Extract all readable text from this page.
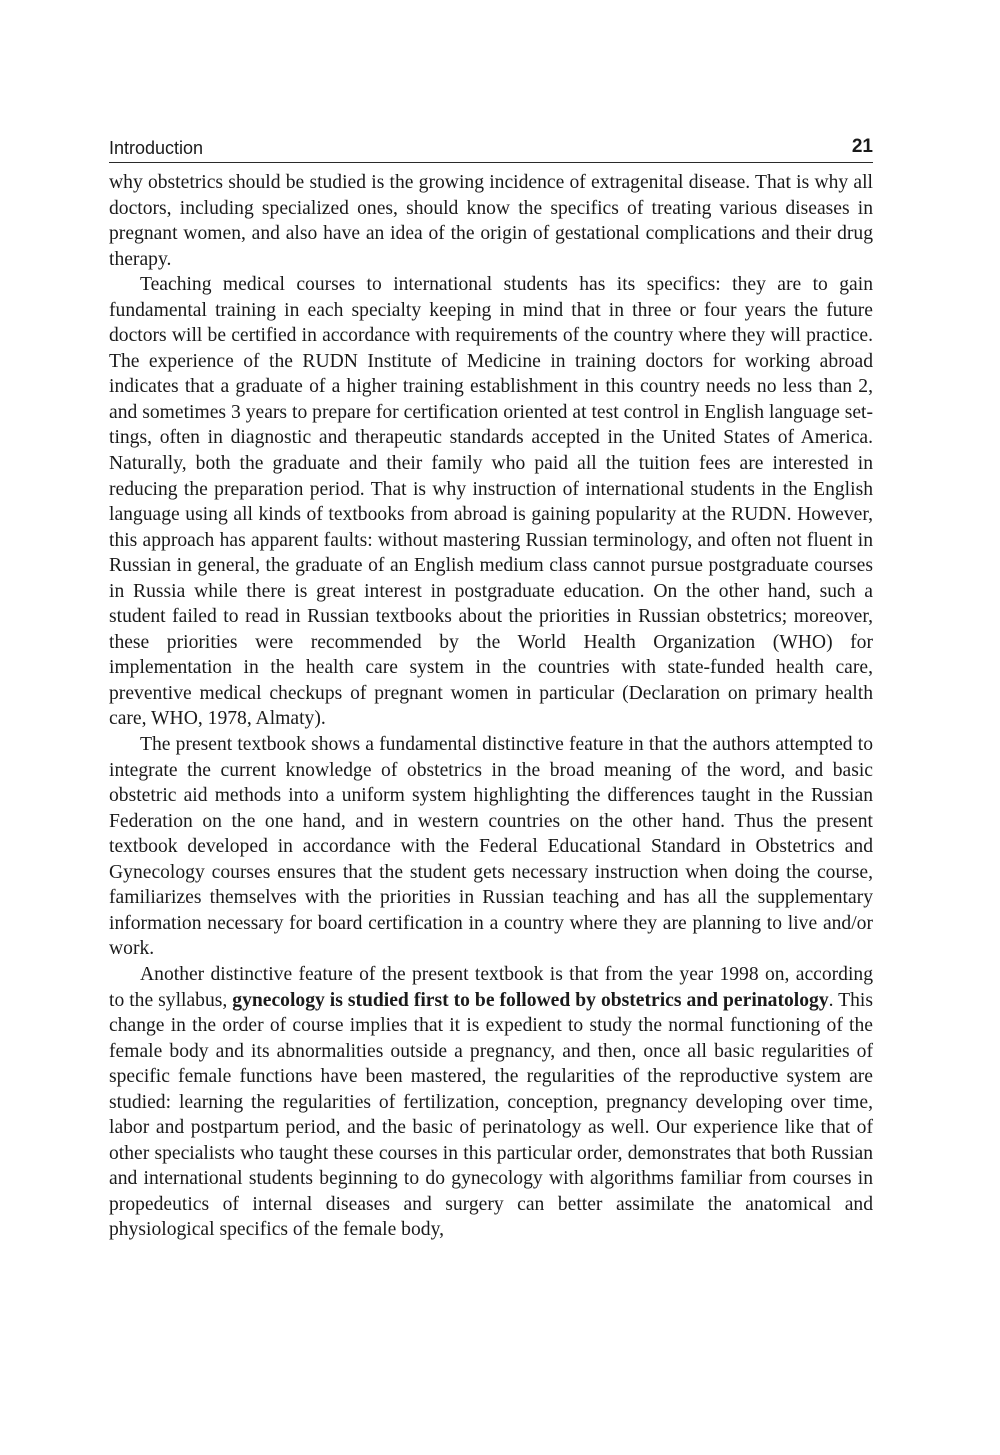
Introduction	21

why obstetrics should be studied is the growing incidence of extragenital disease. That is why all doctors, including specialized ones, should know the specifics of treating various diseases in pregnant women, and also have an idea of the origin of gestational complications and their drug therapy.

Teaching medical courses to international students has its specifics: they are to gain fundamental training in each specialty keeping in mind that in three or four years the future doctors will be certified in accordance with requirements of the country where they will practice. The experience of the RUDN Institute of Medicine in training doctors for working abroad indicates that a graduate of a higher training establishment in this country needs no less than 2, and sometimes 3 years to prepare for certification oriented at test control in English language settings, often in diagnostic and therapeutic standards accepted in the United States of America. Naturally, both the graduate and their family who paid all the tuition fees are interested in reducing the preparation period. That is why instruction of international students in the English language using all kinds of textbooks from abroad is gaining popularity at the RUDN. However, this approach has apparent faults: without mastering Russian terminology, and often not fluent in Russian in general, the graduate of an English medium class cannot pursue postgraduate courses in Russia while there is great interest in postgraduate education. On the other hand, such a student failed to read in Russian textbooks about the priorities in Russian obstetrics; moreover, these priorities were recommended by the World Health Organization (WHO) for implementation in the health care system in the countries with state-funded health care, preventive medical checkups of pregnant women in particular (Declaration on primary health care, WHO, 1978, Almaty).

The present textbook shows a fundamental distinctive feature in that the authors attempted to integrate the current knowledge of obstetrics in the broad meaning of the word, and basic obstetric aid methods into a uniform system highlighting the differences taught in the Russian Federation on the one hand, and in western countries on the other hand. Thus the present textbook developed in accordance with the Federal Educational Standard in Obstetrics and Gynecology courses ensures that the student gets necessary instruction when doing the course, familiarizes themselves with the priorities in Russian teaching and has all the supplementary information necessary for board certification in a country where they are planning to live and/or work.

Another distinctive feature of the present textbook is that from the year 1998 on, according to the syllabus, gynecology is studied first to be followed by obstetrics and perinatology. This change in the order of course implies that it is expedient to study the normal functioning of the female body and its abnormalities outside a pregnancy, and then, once all basic regularities of specific female functions have been mastered, the regularities of the reproductive system are studied: learning the regularities of fertilization, conception, pregnancy developing over time, labor and postpartum period, and the basic of perinatology as well. Our experience like that of other specialists who taught these courses in this particular order, demonstrates that both Russian and international students beginning to do gynecology with algorithms familiar from courses in propedeutics of internal diseases and surgery can better assimilate the anatomical and physiological specifics of the female body,
